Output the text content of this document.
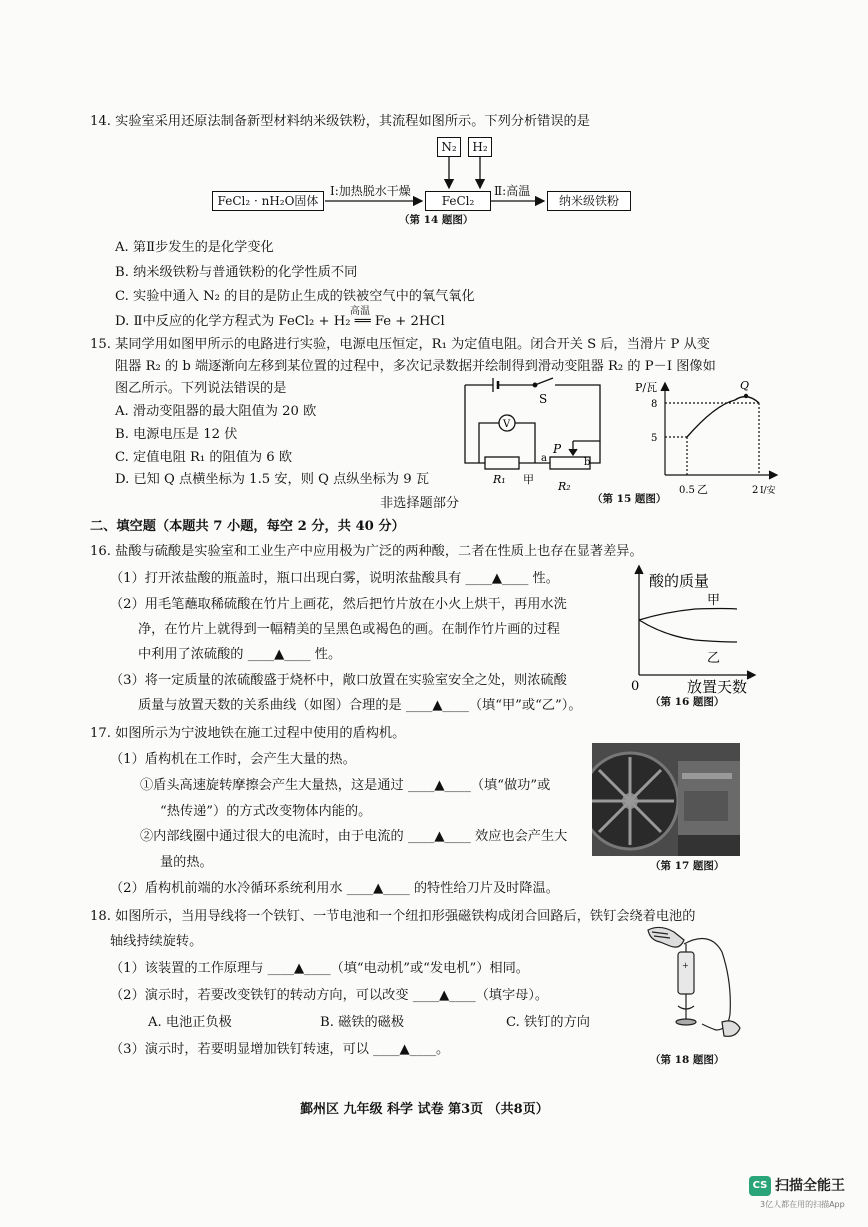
14. 实验室采用还原法制备新型材料纳米级铁粉，其流程如图所示。下列分析错误的是
N₂	H₂
FeCl₂ · nH₂O固体
Ⅰ:加热脱水干燥
FeCl₂
Ⅱ:高温
纳米级铁粉
（第 14 题图）
A. 第Ⅱ步发生的是化学变化
B. 纳米级铁粉与普通铁粉的化学性质不同
C. 实验中通入 N₂ 的目的是防止生成的铁被空气中的氧气氧化
D. Ⅱ中反应的化学方程式为 FeCl₂ + H₂ ══ Fe + 2HCl
高温
15. 某同学用如图甲所示的电路进行实验，电源电压恒定，R₁ 为定值电阻。闭合开关 S 后，当滑片 P 从变
阻器 R₂ 的 b 端逐渐向左移到某位置的过程中，多次记录数据并绘制得到滑动变阻器 R₂ 的 P－I 图像如
图乙所示。下列说法错误的是
A. 滑动变阻器的最大阻值为 20 欧
B. 电源电压是 12 伏
C. 定值电阻 R₁ 的阻值为 6 欧
D. 已知 Q 点横坐标为 1.5 安，则 Q 点纵坐标为 9 瓦
V
S
P
a	b
R₁ 甲
R₂
P/瓦
8
5
Q
0.5 乙	2 I/安
（第 15 题图）
非选择题部分
二、填空题（本题共 7 小题，每空 2 分，共 40 分）
16. 盐酸与硫酸是实验室和工业生产中应用极为广泛的两种酸，二者在性质上也存在显著差异。
（1）打开浓盐酸的瓶盖时，瓶口出现白雾，说明浓盐酸具有 ____▲____ 性。
（2）用毛笔蘸取稀硫酸在竹片上画花，然后把竹片放在小火上烘干，再用水洗
净，在竹片上就得到一幅精美的呈黑色或褐色的画。在制作竹片画的过程
中利用了浓硫酸的 ____▲____ 性。
（3）将一定质量的浓硫酸盛于烧杯中，敞口放置在实验室安全之处，则浓硫酸
质量与放置天数的关系曲线（如图）合理的是 ____▲____（填“甲”或“乙”）。
酸的质量
甲
乙
0	放置天数
（第 16 题图）
17. 如图所示为宁波地铁在施工过程中使用的盾构机。
（1）盾构机在工作时，会产生大量的热。
①盾头高速旋转摩擦会产生大量热，这是通过 ____▲____（填“做功”或
“热传递”）的方式改变物体内能的。
②内部线圈中通过很大的电流时，由于电流的 ____▲____ 效应也会产生大
量的热。
（2）盾构机前端的水冷循环系统利用水 ____▲____ 的特性给刀片及时降温。
（第 17 题图）
18. 如图所示，当用导线将一个铁钉、一节电池和一个纽扣形强磁铁构成闭合回路后，铁钉会绕着电池的
轴线持续旋转。
（1）该装置的工作原理与 ____▲____（填“电动机”或“发电机”）相同。
（2）演示时，若要改变铁钉的转动方向，可以改变 ____▲____（填字母）。
A. 电池正负极	B. 磁铁的磁极	C. 铁钉的方向
（3）演示时，若要明显增加铁钉转速，可以 ____▲____。
+
（第 18 题图）
鄞州区 九年级 科学 试卷 第3页 （共8页）
CS 扫描全能王
3亿人都在用的扫描App
